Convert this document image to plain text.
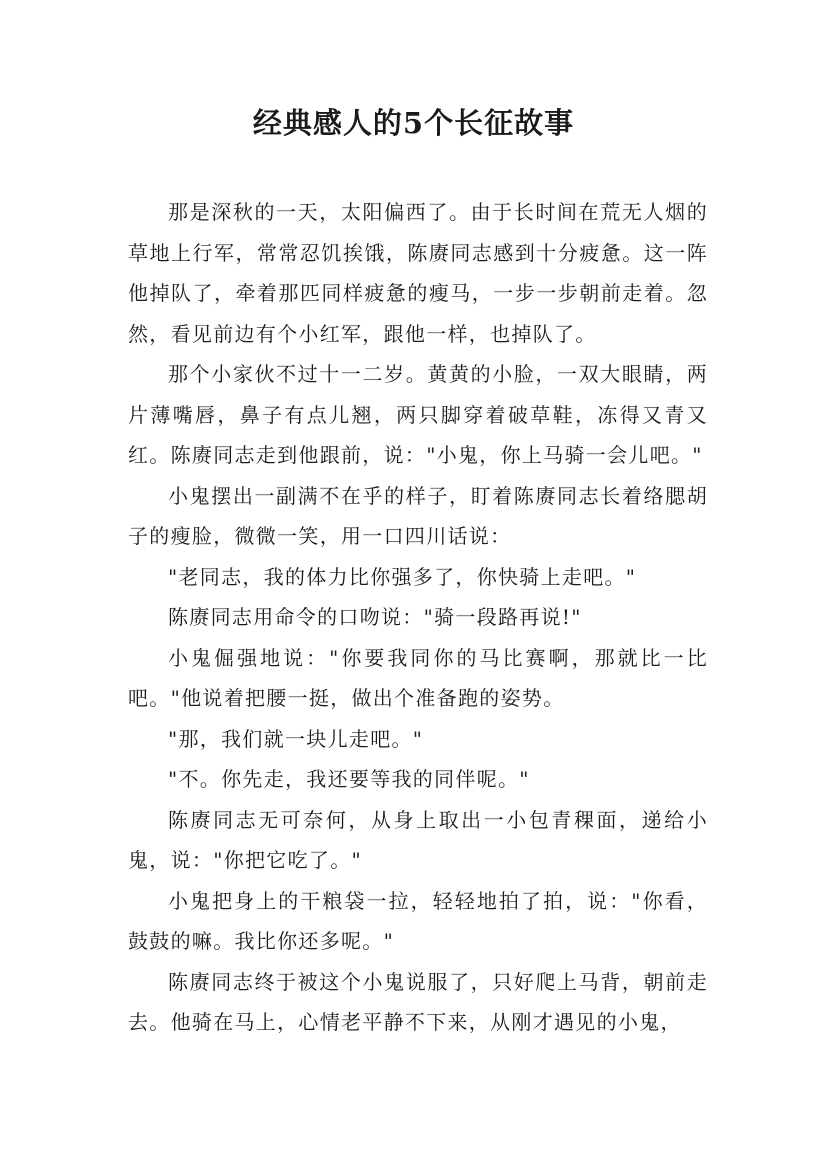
经典感人的5个长征故事

那是深秋的一天，太阳偏西了。由于长时间在荒无人烟的草地上行军，常常忍饥挨饿，陈赓同志感到十分疲惫。这一阵他掉队了，牵着那匹同样疲惫的瘦马，一步一步朝前走着。忽然，看见前边有个小红军，跟他一样，也掉队了。

那个小家伙不过十一二岁。黄黄的小脸，一双大眼睛，两片薄嘴唇，鼻子有点儿翘，两只脚穿着破草鞋，冻得又青又红。陈赓同志走到他跟前，说："小鬼，你上马骑一会儿吧。"

小鬼摆出一副满不在乎的样子，盯着陈赓同志长着络腮胡子的瘦脸，微微一笑，用一口四川话说：

"老同志，我的体力比你强多了，你快骑上走吧。"

陈赓同志用命令的口吻说："骑一段路再说!"

小鬼倔强地说："你要我同你的马比赛啊，那就比一比吧。"他说着把腰一挺，做出个准备跑的姿势。

"那，我们就一块儿走吧。"

"不。你先走，我还要等我的同伴呢。"

陈赓同志无可奈何，从身上取出一小包青稞面，递给小鬼，说："你把它吃了。"

小鬼把身上的干粮袋一拉，轻轻地拍了拍，说："你看，鼓鼓的嘛。我比你还多呢。"

陈赓同志终于被这个小鬼说服了，只好爬上马背，朝前走去。他骑在马上，心情老平静不下来，从刚才遇见的小鬼，
